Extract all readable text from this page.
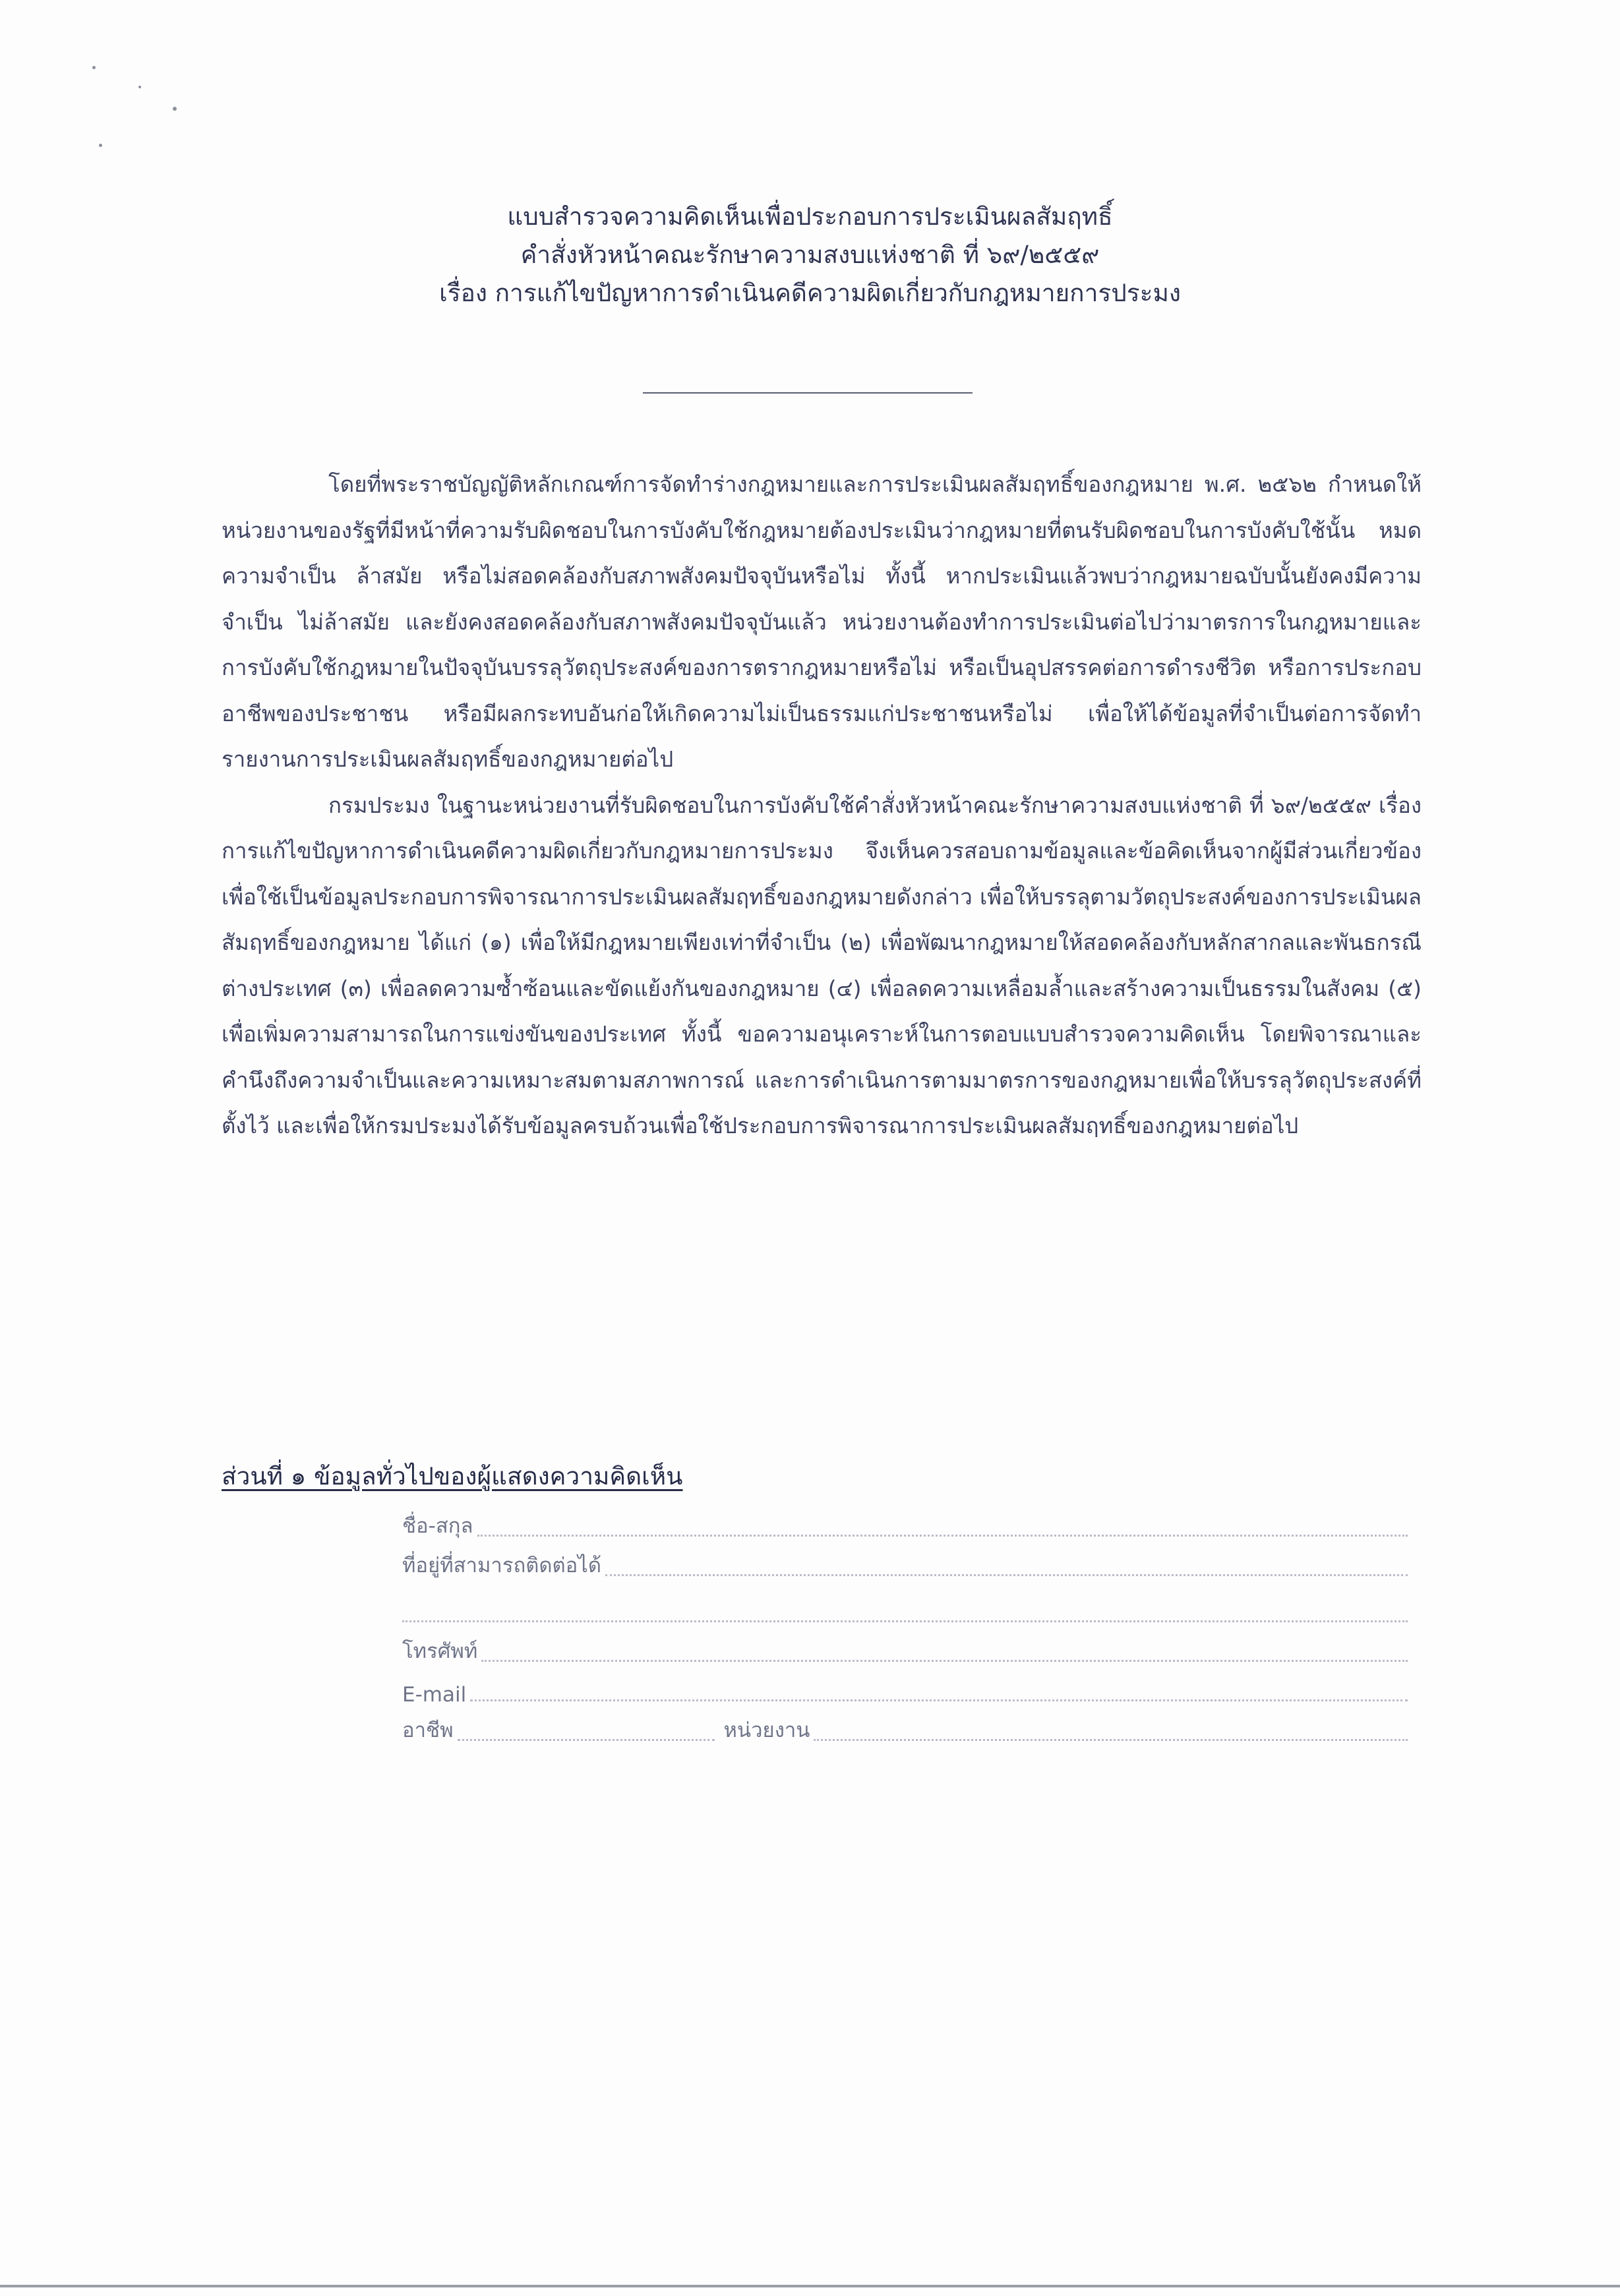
แบบสำรวจความคิดเห็นเพื่อประกอบการประเมินผลสัมฤทธิ์
คำสั่งหัวหน้าคณะรักษาความสงบแห่งชาติ ที่ ๖๙/๒๕๕๙
เรื่อง การแก้ไขปัญหาการดำเนินคดีความผิดเกี่ยวกับกฎหมายการประมง

โดยที่พระราชบัญญัติหลักเกณฑ์การจัดทำร่างกฎหมายและการประเมินผลสัมฤทธิ์ของกฎหมาย พ.ศ. ๒๕๖๒ กำหนดให้หน่วยงานของรัฐที่มีหน้าที่ความรับผิดชอบในการบังคับใช้กฎหมายต้องประเมินว่ากฎหมายที่ตนรับผิดชอบในการบังคับใช้นั้น หมดความจำเป็น ล้าสมัย หรือไม่สอดคล้องกับสภาพสังคมปัจจุบันหรือไม่ ทั้งนี้ หากประเมินแล้วพบว่ากฎหมายฉบับนั้นยังคงมีความจำเป็น ไม่ล้าสมัย และยังคงสอดคล้องกับสภาพสังคมปัจจุบันแล้ว หน่วยงานต้องทำการประเมินต่อไปว่ามาตรการในกฎหมายและการบังคับใช้กฎหมายในปัจจุบันบรรลุวัตถุประสงค์ของการตรากฎหมายหรือไม่ หรือเป็นอุปสรรคต่อการดำรงชีวิต หรือการประกอบอาชีพของประชาชน หรือมีผลกระทบอันก่อให้เกิดความไม่เป็นธรรมแก่ประชาชนหรือไม่ เพื่อให้ได้ข้อมูลที่จำเป็นต่อการจัดทำรายงานการประเมินผลสัมฤทธิ์ของกฎหมายต่อไป

กรมประมง ในฐานะหน่วยงานที่รับผิดชอบในการบังคับใช้คำสั่งหัวหน้าคณะรักษาความสงบแห่งชาติ ที่ ๖๙/๒๕๕๙ เรื่อง การแก้ไขปัญหาการดำเนินคดีความผิดเกี่ยวกับกฎหมายการประมง จึงเห็นควรสอบถามข้อมูลและข้อคิดเห็นจากผู้มีส่วนเกี่ยวข้อง เพื่อใช้เป็นข้อมูลประกอบการพิจารณาการประเมินผลสัมฤทธิ์ของกฎหมายดังกล่าว เพื่อให้บรรลุตามวัตถุประสงค์ของการประเมินผลสัมฤทธิ์ของกฎหมาย ได้แก่ (๑) เพื่อให้มีกฎหมายเพียงเท่าที่จำเป็น (๒) เพื่อพัฒนากฎหมายให้สอดคล้องกับหลักสากลและพันธกรณีต่างประเทศ (๓) เพื่อลดความซ้ำซ้อนและขัดแย้งกันของกฎหมาย (๔) เพื่อลดความเหลื่อมล้ำและสร้างความเป็นธรรมในสังคม (๕) เพื่อเพิ่มความสามารถในการแข่งขันของประเทศ ทั้งนี้ ขอความอนุเคราะห์ในการตอบแบบสำรวจความคิดเห็น โดยพิจารณาและคำนึงถึงความจำเป็นและความเหมาะสมตามสภาพการณ์ และการดำเนินการตามมาตรการของกฎหมายเพื่อให้บรรลุวัตถุประสงค์ที่ตั้งไว้ และเพื่อให้กรมประมงได้รับข้อมูลครบถ้วนเพื่อใช้ประกอบการพิจารณาการประเมินผลสัมฤทธิ์ของกฎหมายต่อไป

ส่วนที่ ๑ ข้อมูลทั่วไปของผู้แสดงความคิดเห็น
ชื่อ-สกุล
ที่อยู่ที่สามารถติดต่อได้
โทรศัพท์
E-mail
อาชีพ	หน่วยงาน
